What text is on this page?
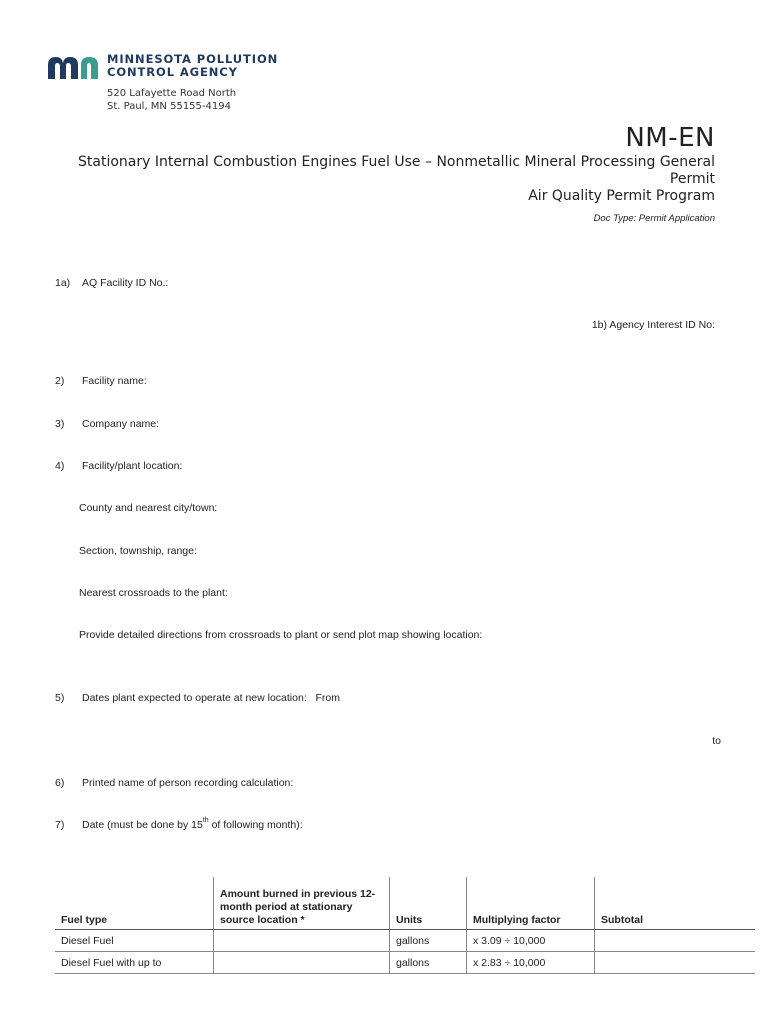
MINNESOTA POLLUTION
CONTROL AGENCY
520 Lafayette Road North
St. Paul, MN 55155-4194
NM-EN
Stationary Internal Combustion Engines Fuel Use – Nonmetallic Mineral Processing General Permit
Air Quality Permit Program
Doc Type: Permit Application
1a) AQ Facility ID No.:
1b) Agency Interest ID No:
2) Facility name:
3) Company name:
4) Facility/plant location:
County and nearest city/town:
Section, township, range:
Nearest crossroads to the plant:
Provide detailed directions from crossroads to plant or send plot map showing location:
5) Dates plant expected to operate at new location: From
to
6) Printed name of person recording calculation:
7) Date (must be done by 15th of following month):
Fuel type	Amount burned in previous 12-month period at stationary source location *	Units	Multiplying factor	Subtotal
Diesel Fuel		gallons	x 3.09 ÷ 10,000	
Diesel Fuel with up to		gallons	x 2.83 ÷ 10,000	
